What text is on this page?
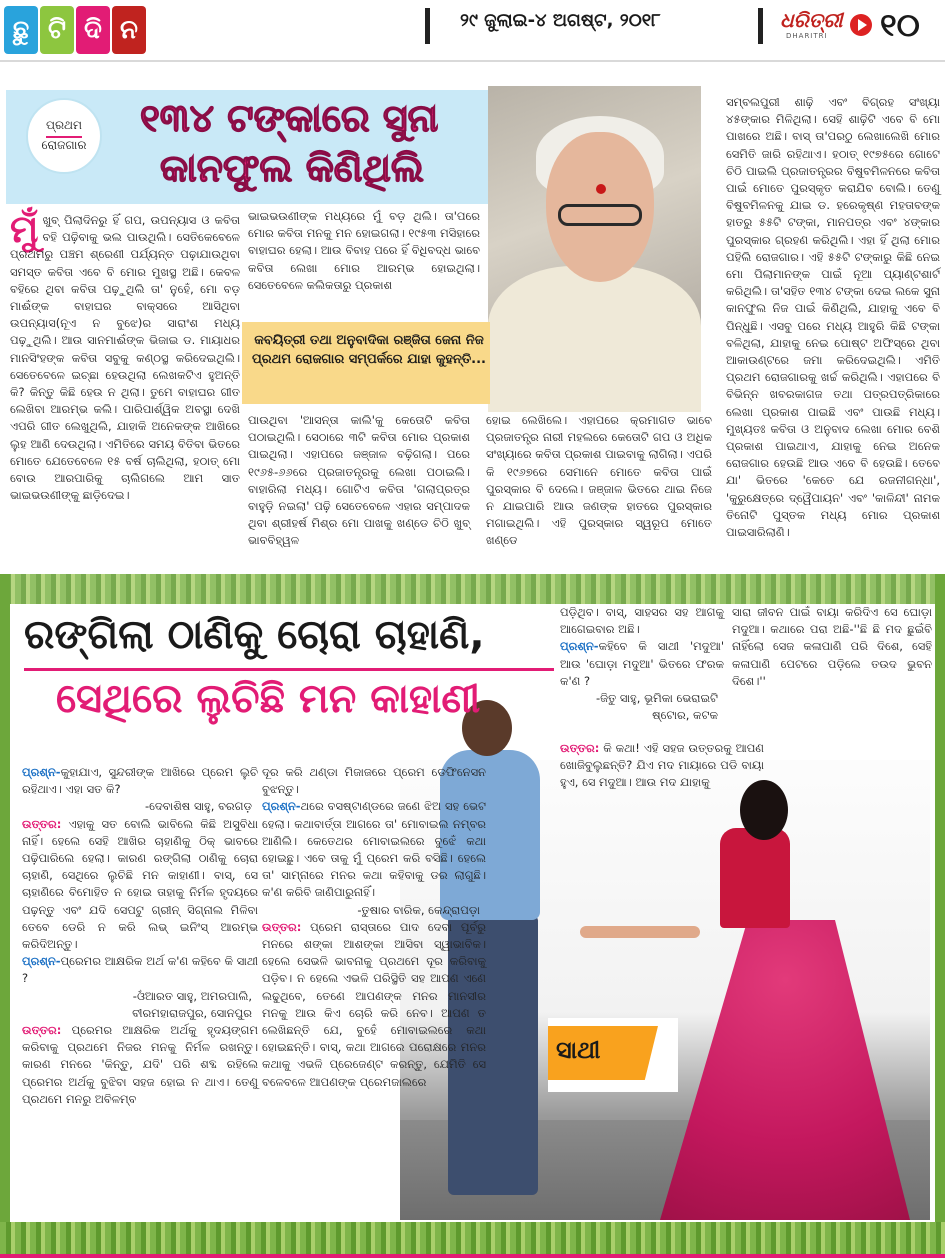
ଛୁ ଟି ଦି ନ	୨୯ ଜୁଲାଇ-୪ ଅଗଷ୍ଟ, ୨୦୧୮	ଧରିତ୍ରୀ
DHARITRI ୧୦
ପ୍ରଥମ
ରୋଜଗାର
୧୩୪ ଟଙ୍କାରେ ସୁନା
କାନଫୁଲ କିଣିଥିଲି
କବୟିତ୍ରୀ ତଥା ଅନୁବାଦିକା ରଞ୍ଜିତା ଜେନା ନିଜ ପ୍ରଥମ ରୋଜଗାର ସମ୍ପର୍କରେ ଯାହା କୁହନ୍ତି...
ମୁଁଖୁବ୍ ପିଲାଦିନରୁ ହିଁ ଗପ, ଉପନ୍ୟାସ ଓ କବିତା ବହି ପଢ଼ିବାକୁ ଭଲ ପାଉଥିଲି। ସେତିକେବେଳେ ପ୍ରଥମରୁ ପଞ୍ଚମ ଶ୍ରେଣୀ ପର୍ଯ୍ୟନ୍ତ ପଢ଼ାଯାଉଥିବା ସମସ୍ତ କବିତା ଏବେ ବି ମୋର ମୁଖସ୍ଥ ଅଛି। କେବଳ ବହିରେ ଥିବା କବିତା ପଢ଼ୁଥିଲି ତା' ନୁହେଁ, ମୋ ବଡ଼ ମାଈଁଙ୍କ ବାହାଘର ବାକ୍ସରେ ଆସିଥିବା ଉପନ୍ୟାସ(ନୂଏ ନ ବୁଝେ)ର ସାରାଂଶ ମଧ୍ୟ ପଢ଼ୁଥିଲି। ଆଉ ସାନମାଈଁଙ୍କ ଭିଜାଇ ଡ. ମାୟାଧର ମାନସିଂହଙ୍କ କବିତା ସବୁକୁ କଣ୍ଠସ୍ଥ କରିଦେଇଥିଲି। ସେତେବେଳେ ଇଚ୍ଛା ହେଉଥିଲା ଲେଖକଟିଏ ହୁଅନ୍ତି କି? କିନ୍ତୁ କିଛି ହେଉ ନ ଥିଲା। ତୁମେ ବାହାଘର ଗୀତ ଲେଖିବା ଆରମ୍ଭ କଲି। ପାରିପାର୍ଶ୍ୱିକ ଅବସ୍ଥା ଦେଖି ଏପରି ଗୀତ ଲେଖୁଥିଲି, ଯାହାକି ଅନେକଙ୍କ ଆଖିରେ ଲୁହ ଆଣି ଦେଉଥିଲା। ଏମିତିରେ ସମୟ ବିତିବା ଭିତରେ ମୋତେ ଯେତେବେଳେ ୧୫ ବର୍ଷ ଚାଲିଥିଲା, ହଠାତ୍ ମୋ ବୋଉ ଆରପାରିକୁ ଚାଲିଗଲେ ଆମ ସାତ ଭାଇଭଉଣୀଙ୍କୁ ଛାଡ଼ିଦେଇ।
ଭାଇଭଉଣୀଙ୍କ ମଧ୍ୟରେ ମୁଁ ବଡ଼ ଥିଲି। ତା'ପରେ ମୋର କବିତା ମନକୁ ମନ ହୋଇଗଲା। ୧୯୫୩ ମସିହାରେ ବାହାଘର ହେଲା। ଆଉ ବିବାହ ପରେ ହିଁ ବିଧିବଦ୍ଧ ଭାବେ କବିତା ଲେଖା ମୋର ଆରମ୍ଭ ହୋଇଥିଲା। ସେତେବେଳେ କଲିକତାରୁ ପ୍ରକାଶ
ପାଉଥିବା 'ଆସନ୍ତା କାଲି'କୁ କେତୋଟି କବିତା ପଠାଇଥିଲି। ସେଠାରେ ୩ଟି କବିତା ମୋର ପ୍ରକାଶ ପାଇଥିଲା। ଏହାପରେ ଜଞ୍ଜାଳ ବଢ଼ିଗଲା। ପରେ ୧୯୬୫-୬୬ରେ ପ୍ରଜାତନ୍ତ୍ରକୁ ଲେଖା ପଠାଇଲି। ବାହାରିଲା ମଧ୍ୟ। ଗୋଟିଏ କବିତା 'ଗଲାପ୍ରତ୍ର ବାହୁଡ଼ି ନଇଲା' ପଢ଼ି ସେତେବେଳେ ଏହାର ସମ୍ପାଦକ ଥିବା ଶ୍ରୀହର୍ଷ ମିଶ୍ର ମୋ ପାଖକୁ ଖଣ୍ଡେ ଚିଠି ଖୁବ୍ ଭାବବିହ୍ୱଳ
ହୋଇ ଲେଖିଲେ। ଏହାପରେ କ୍ରମାଗତ ଭାବେ ପ୍ରଜାତନ୍ତ୍ର ନାରୀ ମହଲରେ କେତୋଟି ଗପ ଓ ଅଧିକ ସଂଖ୍ୟାରେ କବିତା ପ୍ରକାଶ ପାଇବାକୁ ଲାଗିଲା। ଏପରି କି ୧୯୬୭ରେ ସେମାନେ ମୋତେ କବିତା ପାଇଁ ପୁରସ୍କାର ବି ଦେଲେ। ଜଞ୍ଜାଳ ଭିତରେ ଥାଇ ନିଜେ ନ ଯାଇପାରି ଆଉ ଜଣଙ୍କ ହାତରେ ପୁରସ୍କାର ମଗାଇଥିଲି। ଏହି ପୁରସ୍କାର ସ୍ୱରୂପ ମୋତେ ଖଣ୍ଡେ
ସମ୍ବଲପୁରୀ ଶାଢ଼ି ଏବଂ ବିଗ୍ରହ ସଂଖ୍ୟା ୪୫ଙ୍କାର ମିଳିଥିଲା। ସେହି ଶାଢ଼ିଟି ଏବେ ବି ମୋ ପାଖରେ ଅଛି। ବାସ୍ ତା'ପରଠୁ ଲେଖାଲେଖି ମୋର ସେମିତି ଜାରି ରହିଥାଏ। ହଠାତ୍ ୧୯୭୫ରେ ଗୋଟେ ଚିଠି ପାଇଲି ପ୍ରଜାତନ୍ତ୍ରର ବିଷୁବମିଳନରେ କବିତା ପାଇଁ ମୋତେ ପୁରସ୍କୃତ କରାଯିବ ବୋଲି। ତେଣୁ ବିଷୁବମିଳନକୁ ଯାଇ ଡ. ହରେକୃଷ୍ଣ ମହତାବଙ୍କ ହାତରୁ ୫୫ଟି ଟଙ୍କା, ମାନପତ୍ର ଏବଂ ୪ଙ୍କାର ପୁରସ୍କାର ଗ୍ରହଣ କରିଥିଲି। ଏହା ହିଁ ଥିଲା ମୋର ପହିଲି ରୋଜଗାର। ଏହି ୫୫ଟି ଟଙ୍କାରୁ କିଛି ନେଇ ମୋ ପିଲାମାନଙ୍କ ପାଇଁ ନୂଆ ପ୍ୟାଣ୍ଟଶାର୍ଟ କରିଥିଲି। ତା'ସହିତ ୧୩୪ ଟଙ୍କା ଦେଇ ଲକେ ସୁନା କାନଫୁଲ ନିଜ ପାଇଁ କିଣିଥିଲି, ଯାହାକୁ ଏବେ ବି ପିନ୍ଧୁଛି। ଏସବୁ ପରେ ମଧ୍ୟ ଆହୁରି କିଛି ଟଙ୍କା ବଳିଥିଲା, ଯାହାକୁ ନେଇ ପୋଷ୍ଟ ଅଫିସ୍‌ରେ ଥିବା ଆକାଉଣ୍ଟରେ ଜମା କରିଦେଇଥିଲି। ଏମିତି ପ୍ରଥମ ରୋଜଗାରକୁ ଖର୍ଚ୍ଚ କରିଥିଲି। ଏହାପରେ ବି ବିଭିନ୍ନ ଖବରକାଗଜ ତଥା ପତ୍ରପତ୍ରିକାରେ ଲେଖା ପ୍ରକାଶ ପାଇଛି ଏବଂ ପାଉଛି ମଧ୍ୟ। ମୁଖ୍ୟତଃ କବିତା ଓ ଅନୁବାଦ ଲେଖା ମୋର ବେଶି ପ୍ରକାଶ ପାଇଥାଏ, ଯାହାକୁ ନେଇ ଅନେକ ରୋଜଗାର ହେଉଛି ଆଉ ଏବେ ବି ହେଉଛି। ତେବେ ଯା' ଭିତରେ 'କେତେ ଯେ ରଜନୀଗନ୍ଧା', 'କୁରୁକ୍ଷେତ୍ରେ ଦ୍ୱୈପାୟନ' ଏବଂ 'କାଳିନ୍ଦୀ' ନାମକ ତିନୋଟି ପୁସ୍ତକ ମଧ୍ୟ ମୋର ପ୍ରକାଶ ପାଇସାରିଲାଣି।
ରଙ୍ଗିଲା ଠାଣିକୁ ଚୋରା ଚାହାଣି,
ସେଥିରେ ଲୁଚିଛି ମନ କାହାଣୀ
ପଡ଼ିଥିବ। ବାସ୍, ସାହସର ସହ ଆଗକୁ ଆଗେଇବାର ଅଛି।
ପ୍ରଶ୍ନ-କହିବେ କି ସାଥୀ 'ମଦୁଆ' ଆଉ 'ଘୋଡ଼ା ମଦୁଆ' ଭିତରେ ଫରକ କ'ଣ ?
-ଜିତୁ ସାହୁ, ଭୂମିକା ଭେରାଇଟି
ଷ୍ଟୋର, କଟକ
ସାରା ଜୀବନ ପାଇଁ ବାୟା କରିଦିଏ ସେ ଘୋଡ଼ା ମଦୁଆ। କଥାରେ ପରା ଅଛି-''ଛି ଛି ମଦ ଛୁଇଁବି ନାହିଁଲୋ ସେଜ କଳାପାଣି ପରି ଦିଶେ, ସେହି କଳାପାଣି ପେଟରେ ପଡ଼ିଲେ ତଉଦ ଭୁବନ ଦିଶେ।''
ପ୍ରଶ୍ନ-କୁହାଯାଏ, ସୁନ୍ଦରୀଙ୍କ ଆଖିରେ ପ୍ରେମ ଲୁଚି ରହିଥାଏ। ଏହା ସତ କି?
-ଦେବାଶିଷ ସାହୁ, ବରଗଡ଼
ଉତ୍ତର: ଏହାକୁ ସତ ବୋଲି ଭାବିଲେ କିଛି ଅସୁବିଧା ନାହିଁ। ହେଲେ ସେହି ଆଖିର ଚାହାଣିକୁ ଠିକ୍ ଭାବରେ ପଢ଼ିପାରିଲେ ହେଲା। କାରଣ ରଙ୍ଗିଲା ଠାଣିକୁ ଚୋରା ଚାହାଣି, ସେଥିରେ ଲୁଚିଛି ମନ କାହାଣୀ। ବାସ୍, ସେ ଚାହାଣିରେ ବିମୋହିତ ନ ହୋଇ ତାହାକୁ ନିର୍ମଳ ହୃଦୟରେ ପଢ଼ନ୍ତୁ ଏବଂ ଯଦି ସେପଟୁ ଗ୍ରୀନ୍ ସିଗ୍ନାଲ ମିଳିବା ତେବେ ଡେରି ନ କରି ଲଭ୍ ଇନିଂସ୍ ଆରମ୍ଭ କରିଦିଅନ୍ତୁ।
ପ୍ରଶ୍ନ-ପ୍ରେମର ଆକ୍ଷରିକ ଅର୍ଥ କ'ଣ କହିବେ କି ସାଥୀ ?
-ଓଁଆରତ ସାହୁ, ଅମରପାଲି,
ବୀରମହାରାଜପୁର, ସୋନପୁର
ଉତ୍ତର: ପ୍ରେମର ଆକ୍ଷରିକ ଅର୍ଥକୁ ହୃଦୟଙ୍ଗମ କରିବାକୁ ପ୍ରଥମେ ନିଜର ମନକୁ ନିର୍ମଳ ରଖନ୍ତୁ। କାରଣ ମନରେ 'କିନ୍ତୁ, ଯଦି' ପରି ଶବ୍ଦ ରହିଲେ ପ୍ରେମର ଅର୍ଥକୁ ବୁଝିବା ସହଜ ହୋଇ ନ ଥାଏ। ତେଣୁ ପ୍ରଥମେ ମନରୁ ଅବିଳମ୍ବ
ଦୂର କରି ଥଣ୍ଡା ମିଜାଜରେ ପ୍ରେମ ଡେଫିନେସନ ବୁଝନ୍ତୁ।
ପ୍ରଶ୍ନ-ଥରେ ବସଷ୍ଟାଣ୍ଡରେ ଜଣେ ଝିଅ ସହ ଭେଟ ହେଲା। କଥାବାର୍ତ୍ତା ଆଗରେ ତା' ମୋବାଇଲ ନମ୍ବର ଆଣିଲି। କେତେଥର ମୋବାଇଲରେ ବୁଝେଁ କଥା ହୋଇଛୁ। ଏବେ ତାକୁ ମୁଁ ପ୍ରେମ କରି ବସିଛି। ହେଲେ ତା' ସାମ୍ନାରେ ମନର କଥା କହିବାକୁ ଡର ଲାଗୁଛି। କ'ଣ କରିବି ଜାଣିପାରୁନାହିଁ।
-ତୁଷାର ବାରିକ, କେନ୍ଦ୍ରାପଡ଼ା
ଉତ୍ତର: ପ୍ରେମ ରାସ୍ତାରେ ପାଦ ଦେବା ପୂର୍ବରୁ ମନରେ ଶଙ୍କା ଆଶଙ୍କା ଆସିବା ସ୍ୱାଭାବିକ। ହେଲେ ସେଭଳି ଭାବନାକୁ ପ୍ରଥମେ ଦୂର କରିବାକୁ ପଡ଼ିବ। ନ ହେଲେ ଏଭଳି ପରିସ୍ଥିତି ସହ ଆପଣ ଏଣେ ଲଢୁଥିବେ, ତେଣେ ଆପଣଙ୍କ ମନର ମାନସୀର ମନକୁ ଆଉ କିଏ ଚୋରି କରି ନେବ। ଆପଣ ତ ଲେଖିଛନ୍ତି ଯେ, ବୁହେଁ ମୋବାଇଲରେ କଥା ହୋଇଛନ୍ତି। ବାସ୍, କଥା ଆଗରେ ପରୋକ୍ଷରେ ମନର କଥାକୁ ଏଭଳି ପ୍ରେଜେଣ୍ଟ କରନ୍ତୁ, ଯେମିତି ସେ ବଳେବଳେ ଆପଣଙ୍କ ପ୍ରେମଜାଲରେ
ଉତ୍ତର: କି କଥା! ଏହି ସହଜ ଉତ୍ତରକୁ ଆପଣ ଖୋଜିବୁଲୁଛନ୍ତି? ଯିଏ ମଦ ମାୟାରେ ପଡି ବାୟା ହୁଏ, ସେ ମଦୁଆ। ଆଉ ମଦ ଯାହାକୁ
ସାଥୀ
